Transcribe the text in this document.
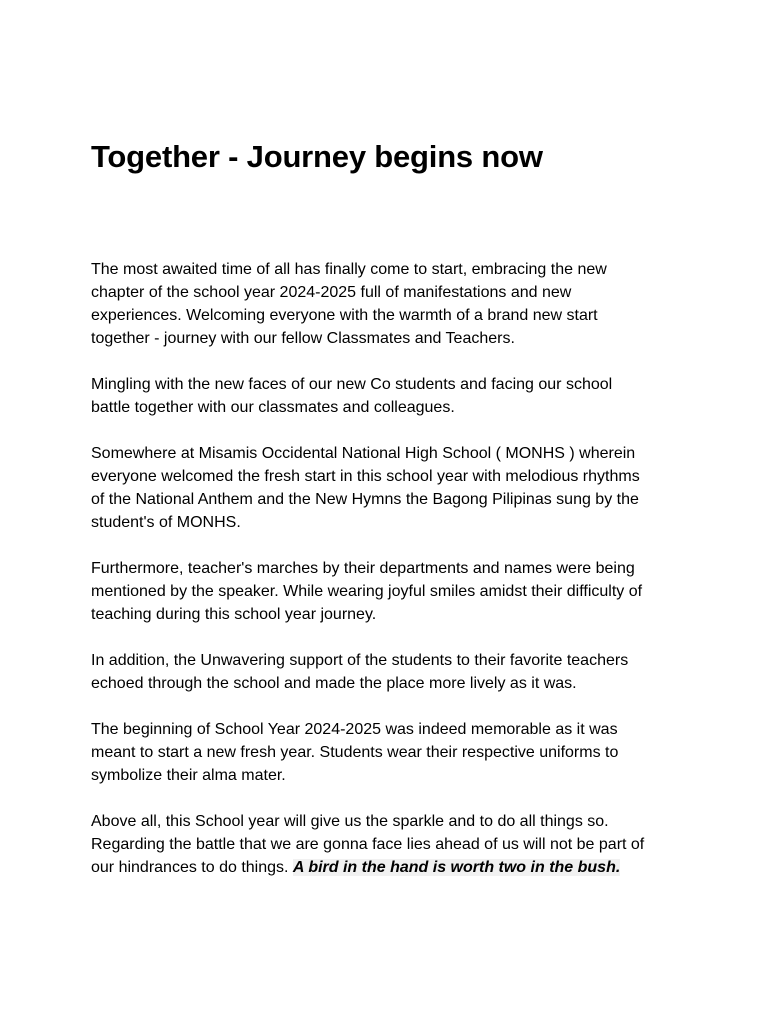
Together - Journey begins now

The most awaited time of all has finally come to start, embracing the new
chapter of the school year 2024-2025 full of manifestations and new
experiences. Welcoming everyone with the warmth of a brand new start
together - journey with our fellow Classmates and Teachers.

Mingling with the new faces of our new Co students and facing our school
battle together with our classmates and colleagues.

Somewhere at Misamis Occidental National High School ( MONHS ) wherein
everyone welcomed the fresh start in this school year with melodious rhythms
of the National Anthem and the New Hymns the Bagong Pilipinas sung by the
student's of MONHS.

Furthermore, teacher's marches by their departments and names were being
mentioned by the speaker. While wearing joyful smiles amidst their difficulty of
teaching during this school year journey.

In addition, the Unwavering support of the students to their favorite teachers
echoed through the school and made the place more lively as it was.

The beginning of School Year 2024-2025 was indeed memorable as it was
meant to start a new fresh year. Students wear their respective uniforms to
symbolize their alma mater.

Above all, this School year will give us the sparkle and to do all things so.
Regarding the battle that we are gonna face lies ahead of us will not be part of
our hindrances to do things. A bird in the hand is worth two in the bush.
